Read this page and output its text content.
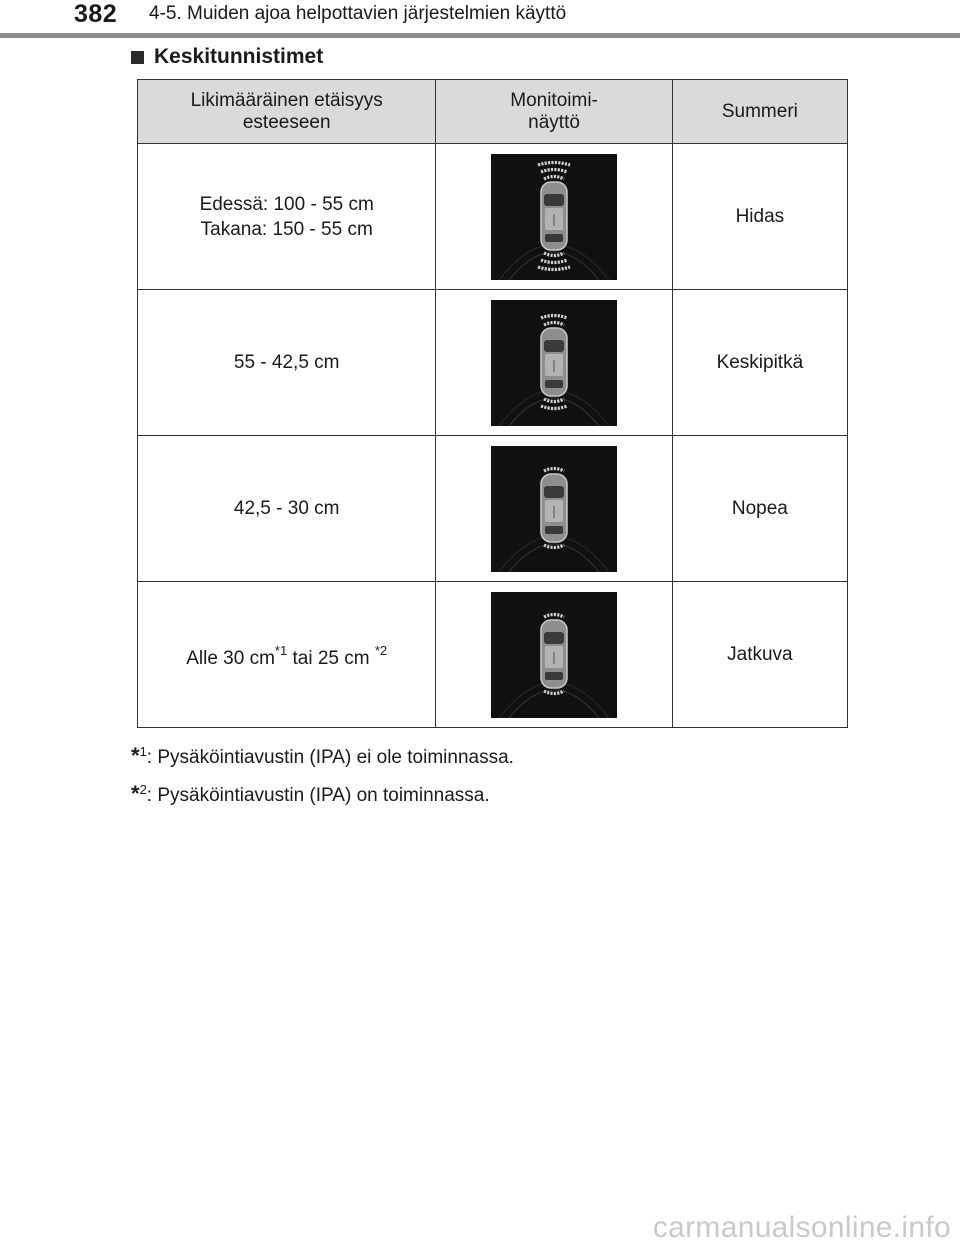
382 4-5. Muiden ajoa helpottavien järjestelmien käyttö
Keskitunnistimet
Likimääräinen etäisyys esteeseen	Monitoimi-näyttö	Summeri

Edessä: 100 - 55 cm
Takana: 150 - 55 cm		Hidas

55 - 42,5 cm		Keskipitkä

42,5 - 30 cm		Nopea

Alle 30 $cm^{*1}$ tai 25 cm $^{*2}$		Jatkuva
*$^1$: Pysäköintiavustin (IPA) ei ole toiminnassa.
*$^2$: Pysäköintiavustin (IPA) on toiminnassa.
carmanualsonline.info
